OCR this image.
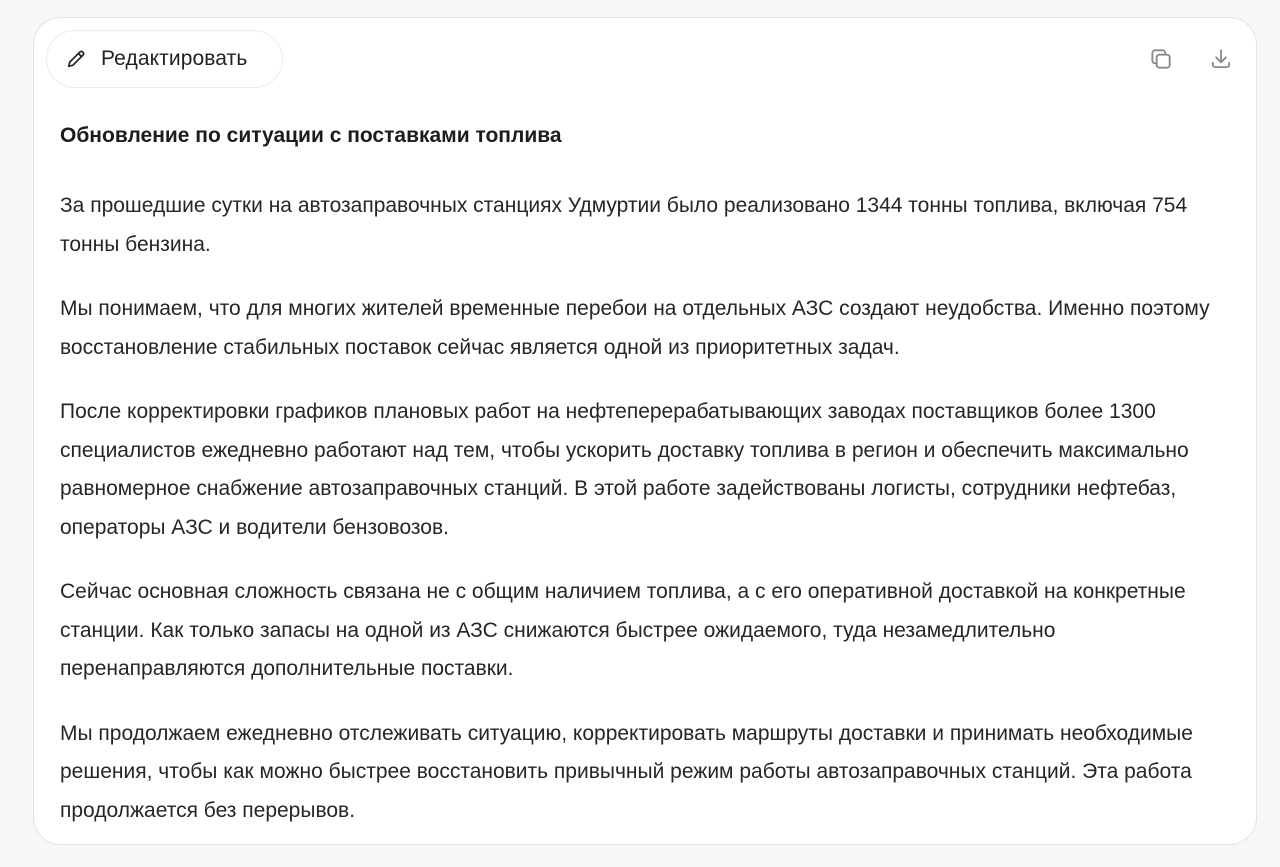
Редактировать
Обновление по ситуации с поставками топлива

За прошедшие сутки на автозаправочных станциях Удмуртии было реализовано 1344 тонны топлива, включая 754 тонны бензина.

Мы понимаем, что для многих жителей временные перебои на отдельных АЗС создают неудобства. Именно поэтому восстановление стабильных поставок сейчас является одной из приоритетных задач.

После корректировки графиков плановых работ на нефтеперерабатывающих заводах поставщиков более 1300 специалистов ежедневно работают над тем, чтобы ускорить доставку топлива в регион и обеспечить максимально равномерное снабжение автозаправочных станций. В этой работе задействованы логисты, сотрудники нефтебаз, операторы АЗС и водители бензовозов.

Сейчас основная сложность связана не с общим наличием топлива, а с его оперативной доставкой на конкретные станции. Как только запасы на одной из АЗС снижаются быстрее ожидаемого, туда незамедлительно перенаправляются дополнительные поставки.

Мы продолжаем ежедневно отслеживать ситуацию, корректировать маршруты доставки и принимать необходимые решения, чтобы как можно быстрее восстановить привычный режим работы автозаправочных станций. Эта работа продолжается без перерывов.
